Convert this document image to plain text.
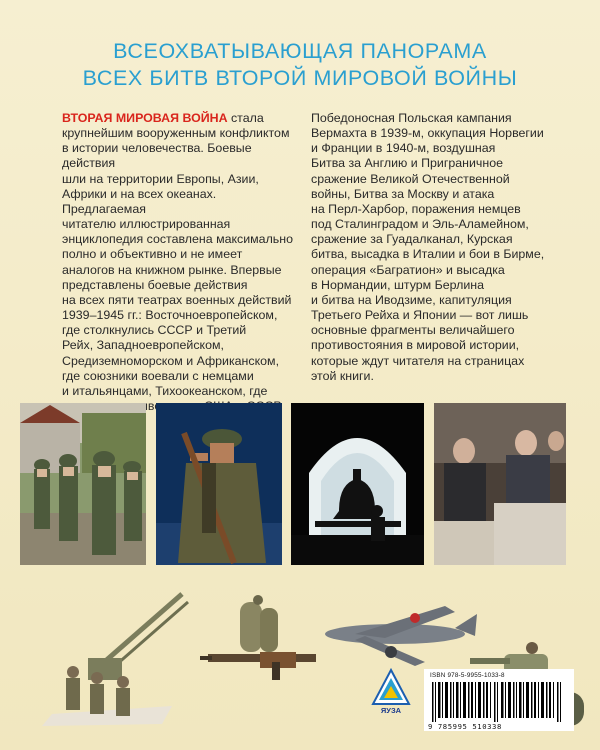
ВСЕОХВАТЫВАЮЩАЯ ПАНОРАМА
ВСЕХ БИТВ ВТОРОЙ МИРОВОЙ ВОЙНЫ
ВТОРАЯ МИРОВАЯ ВОЙНА стала
крупнейшим вооруженным конфликтом
в истории человечества. Боевые действия
шли на территории Европы, Азии,
Африки и на всех океанах. Предлагаемая
читателю иллюстрированная
энциклопедия составлена максимально
полно и объективно и не имеет
аналогов на книжном рынке. Впервые
представлены боевые действия
на всех пяти театрах военных действий
1939–1945 гг.: Восточноевропейском,
где столкнулись СССР и Третий
Рейх, Западноевропейском,
Средиземноморском и Африканском,
где союзники воевали с немцами
и итальянцами, Тихоокеанском, где
Победоносная Польская кампания
Вермахта в 1939-м, оккупация Норвегии
и Франции в 1940-м, воздушная
Битва за Англию и Приграничное
сражение Великой Отечественной
войны, Битва за Москву и атака
на Перл-Харбор, поражения немцев
под Сталинградом и Эль-Аламейном,
сражение за Гуадалканал, Курская
битва, высадка в Италии и бои в Бирме,
операция «Багратион» и высадка
в Нормандии, штурм Берлина
и битва на Иводзиме, капитуляция
Третьего Рейха и Японии — вот лишь
основные фрагменты величайшего
противостояния в мировой истории,
которые ждут читателя на страницах
этой книги.
ЯУЗА
ISBN 978-5-9955-1033-8
9 785995 510338
